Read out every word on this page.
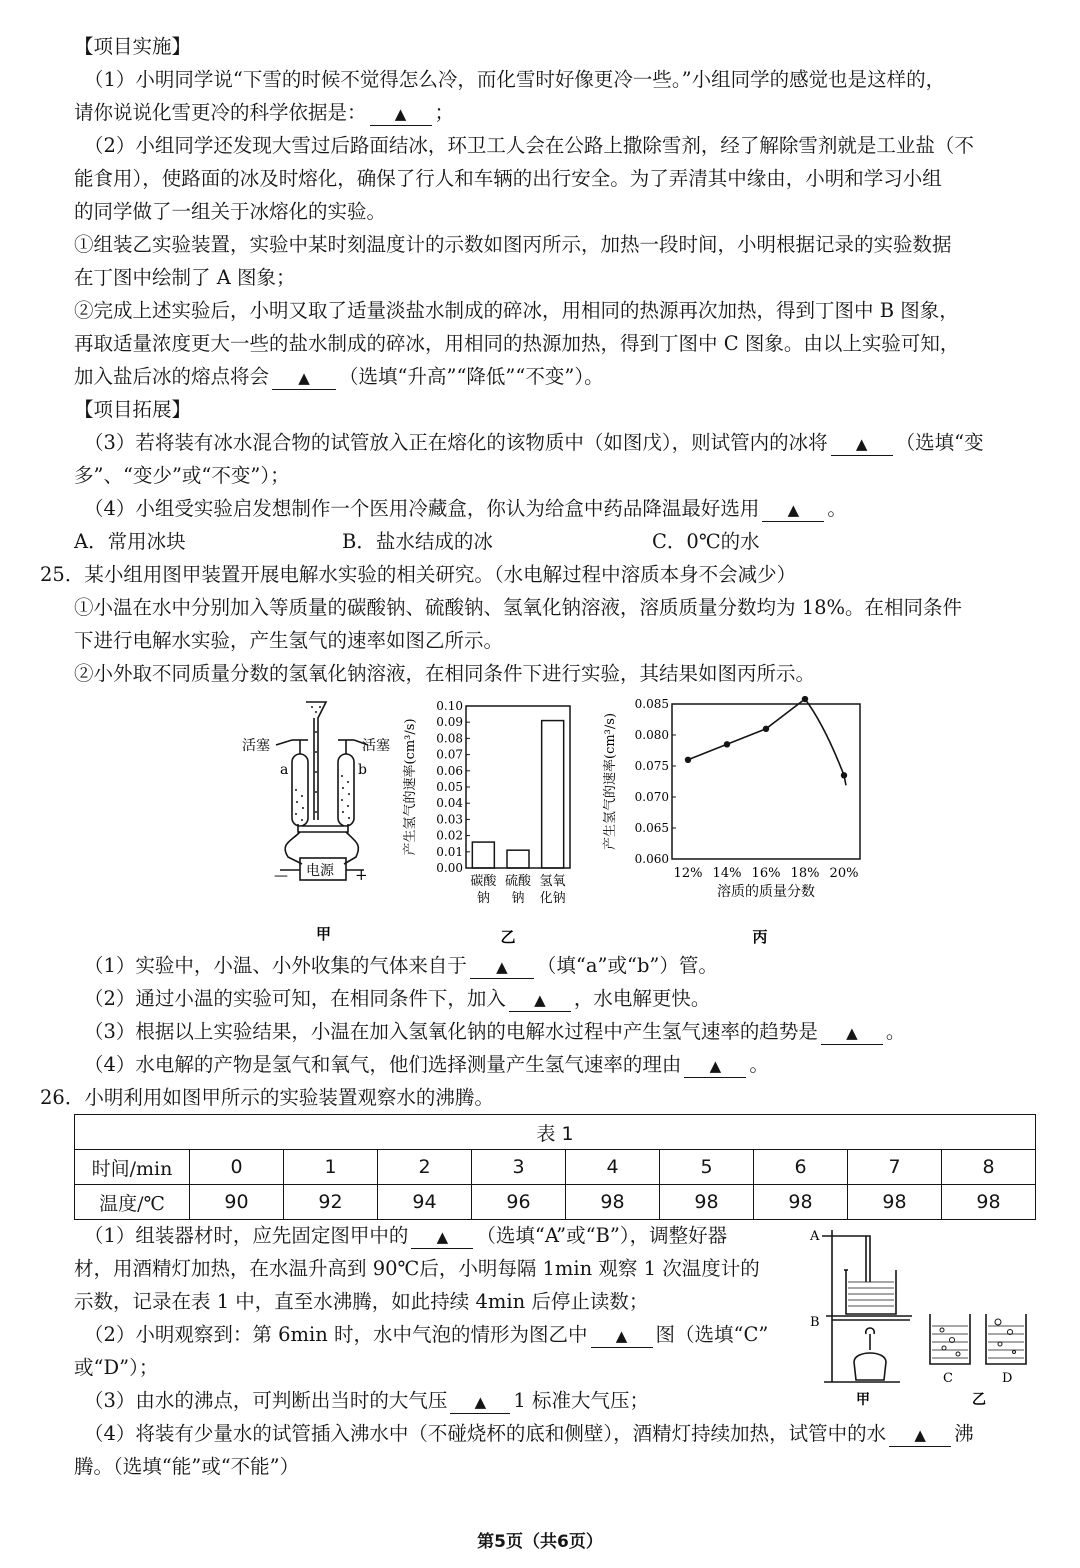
【项目实施】
（1）小明同学说“下雪的时候不觉得怎么冷，而化雪时好像更冷一些。”小组同学的感觉也是这样的，
请你说说化雪更冷的科学依据是： ▲ ；
（2）小组同学还发现大雪过后路面结冰，环卫工人会在公路上撒除雪剂，经了解除雪剂就是工业盐（不
能食用），使路面的冰及时熔化，确保了行人和车辆的出行安全。为了弄清其中缘由，小明和学习小组
的同学做了一组关于冰熔化的实验。
①组装乙实验装置，实验中某时刻温度计的示数如图丙所示，加热一段时间，小明根据记录的实验数据
在丁图中绘制了 A 图象；
②完成上述实验后，小明又取了适量淡盐水制成的碎冰，用相同的热源再次加热，得到丁图中 B 图象，
再取适量浓度更大一些的盐水制成的碎冰，用相同的热源加热，得到丁图中 C 图象。由以上实验可知，
加入盐后冰的熔点将会 ▲ （选填“升高”“降低”“不变”）。
【项目拓展】
（3）若将装有冰水混合物的试管放入正在熔化的该物质中（如图戊），则试管内的冰将 ▲ （选填“变
多”、“变少”或“不变”）；
（4）小组受实验启发想制作一个医用冷藏盒，你认为给盒中药品降温最好选用 ▲ 。
A．常用冰块	B．盐水结成的冰	C．0℃的水
25．某小组用图甲装置开展电解水实验的相关研究。（水电解过程中溶质本身不会减少）
①小温在水中分别加入等质量的碳酸钠、硫酸钠、氢氧化钠溶液，溶质质量分数均为 18%。在相同条件
下进行电解水实验，产生氢气的速率如图乙所示。
②小外取不同质量分数的氢氧化钠溶液，在相同条件下进行实验，其结果如图丙所示。
活塞	活塞
a	b
电源
—	+
甲
产生氢气的速率(cm³/s)
0.00
0.01
0.02
0.03
0.04
0.05
0.06
0.07
0.08
0.09
0.10
碳酸
钠
硫酸
钠
氢氧
化钠
乙
产生氢气的速率(cm³/s)
0.060
0.065
0.070
0.075
0.080
0.085
12% 14% 16% 18% 20%
溶质的质量分数
丙
（1）实验中，小温、小外收集的气体来自于 ▲ （填“a”或“b”）管。
（2）通过小温的实验可知，在相同条件下，加入 ▲ ，水电解更快。
（3）根据以上实验结果，小温在加入氢氧化钠的电解水过程中产生氢气速率的趋势是 ▲ 。
（4）水电解的产物是氢气和氧气，他们选择测量产生氢气速率的理由 ▲ 。
26．小明利用如图甲所示的实验装置观察水的沸腾。
表 1									
时间/min	0	1	2	3	4	5	6	7	8
温度/℃	90	92	94	96	98	98	98	98	98
（1）组装器材时，应先固定图甲中的 ▲ （选填“A”或“B”），调整好器
材，用酒精灯加热，在水温升高到 90℃后，小明每隔 1min 观察 1 次温度计的
示数，记录在表 1 中，直至水沸腾，如此持续 4min 后停止读数；
（2）小明观察到：第 6min 时，水中气泡的情形为图乙中 ▲ 图（选填“C”
或“D”）；
（3）由水的沸点，可判断出当时的大气压 ▲ 1 标准大气压；
（4）将装有少量水的试管插入沸水中（不碰烧杯的底和侧壁），酒精灯持续加热，试管中的水 ▲ 沸
腾。（选填“能”或“不能”）
A
B
甲
C	D
乙
第5页（共6页）
